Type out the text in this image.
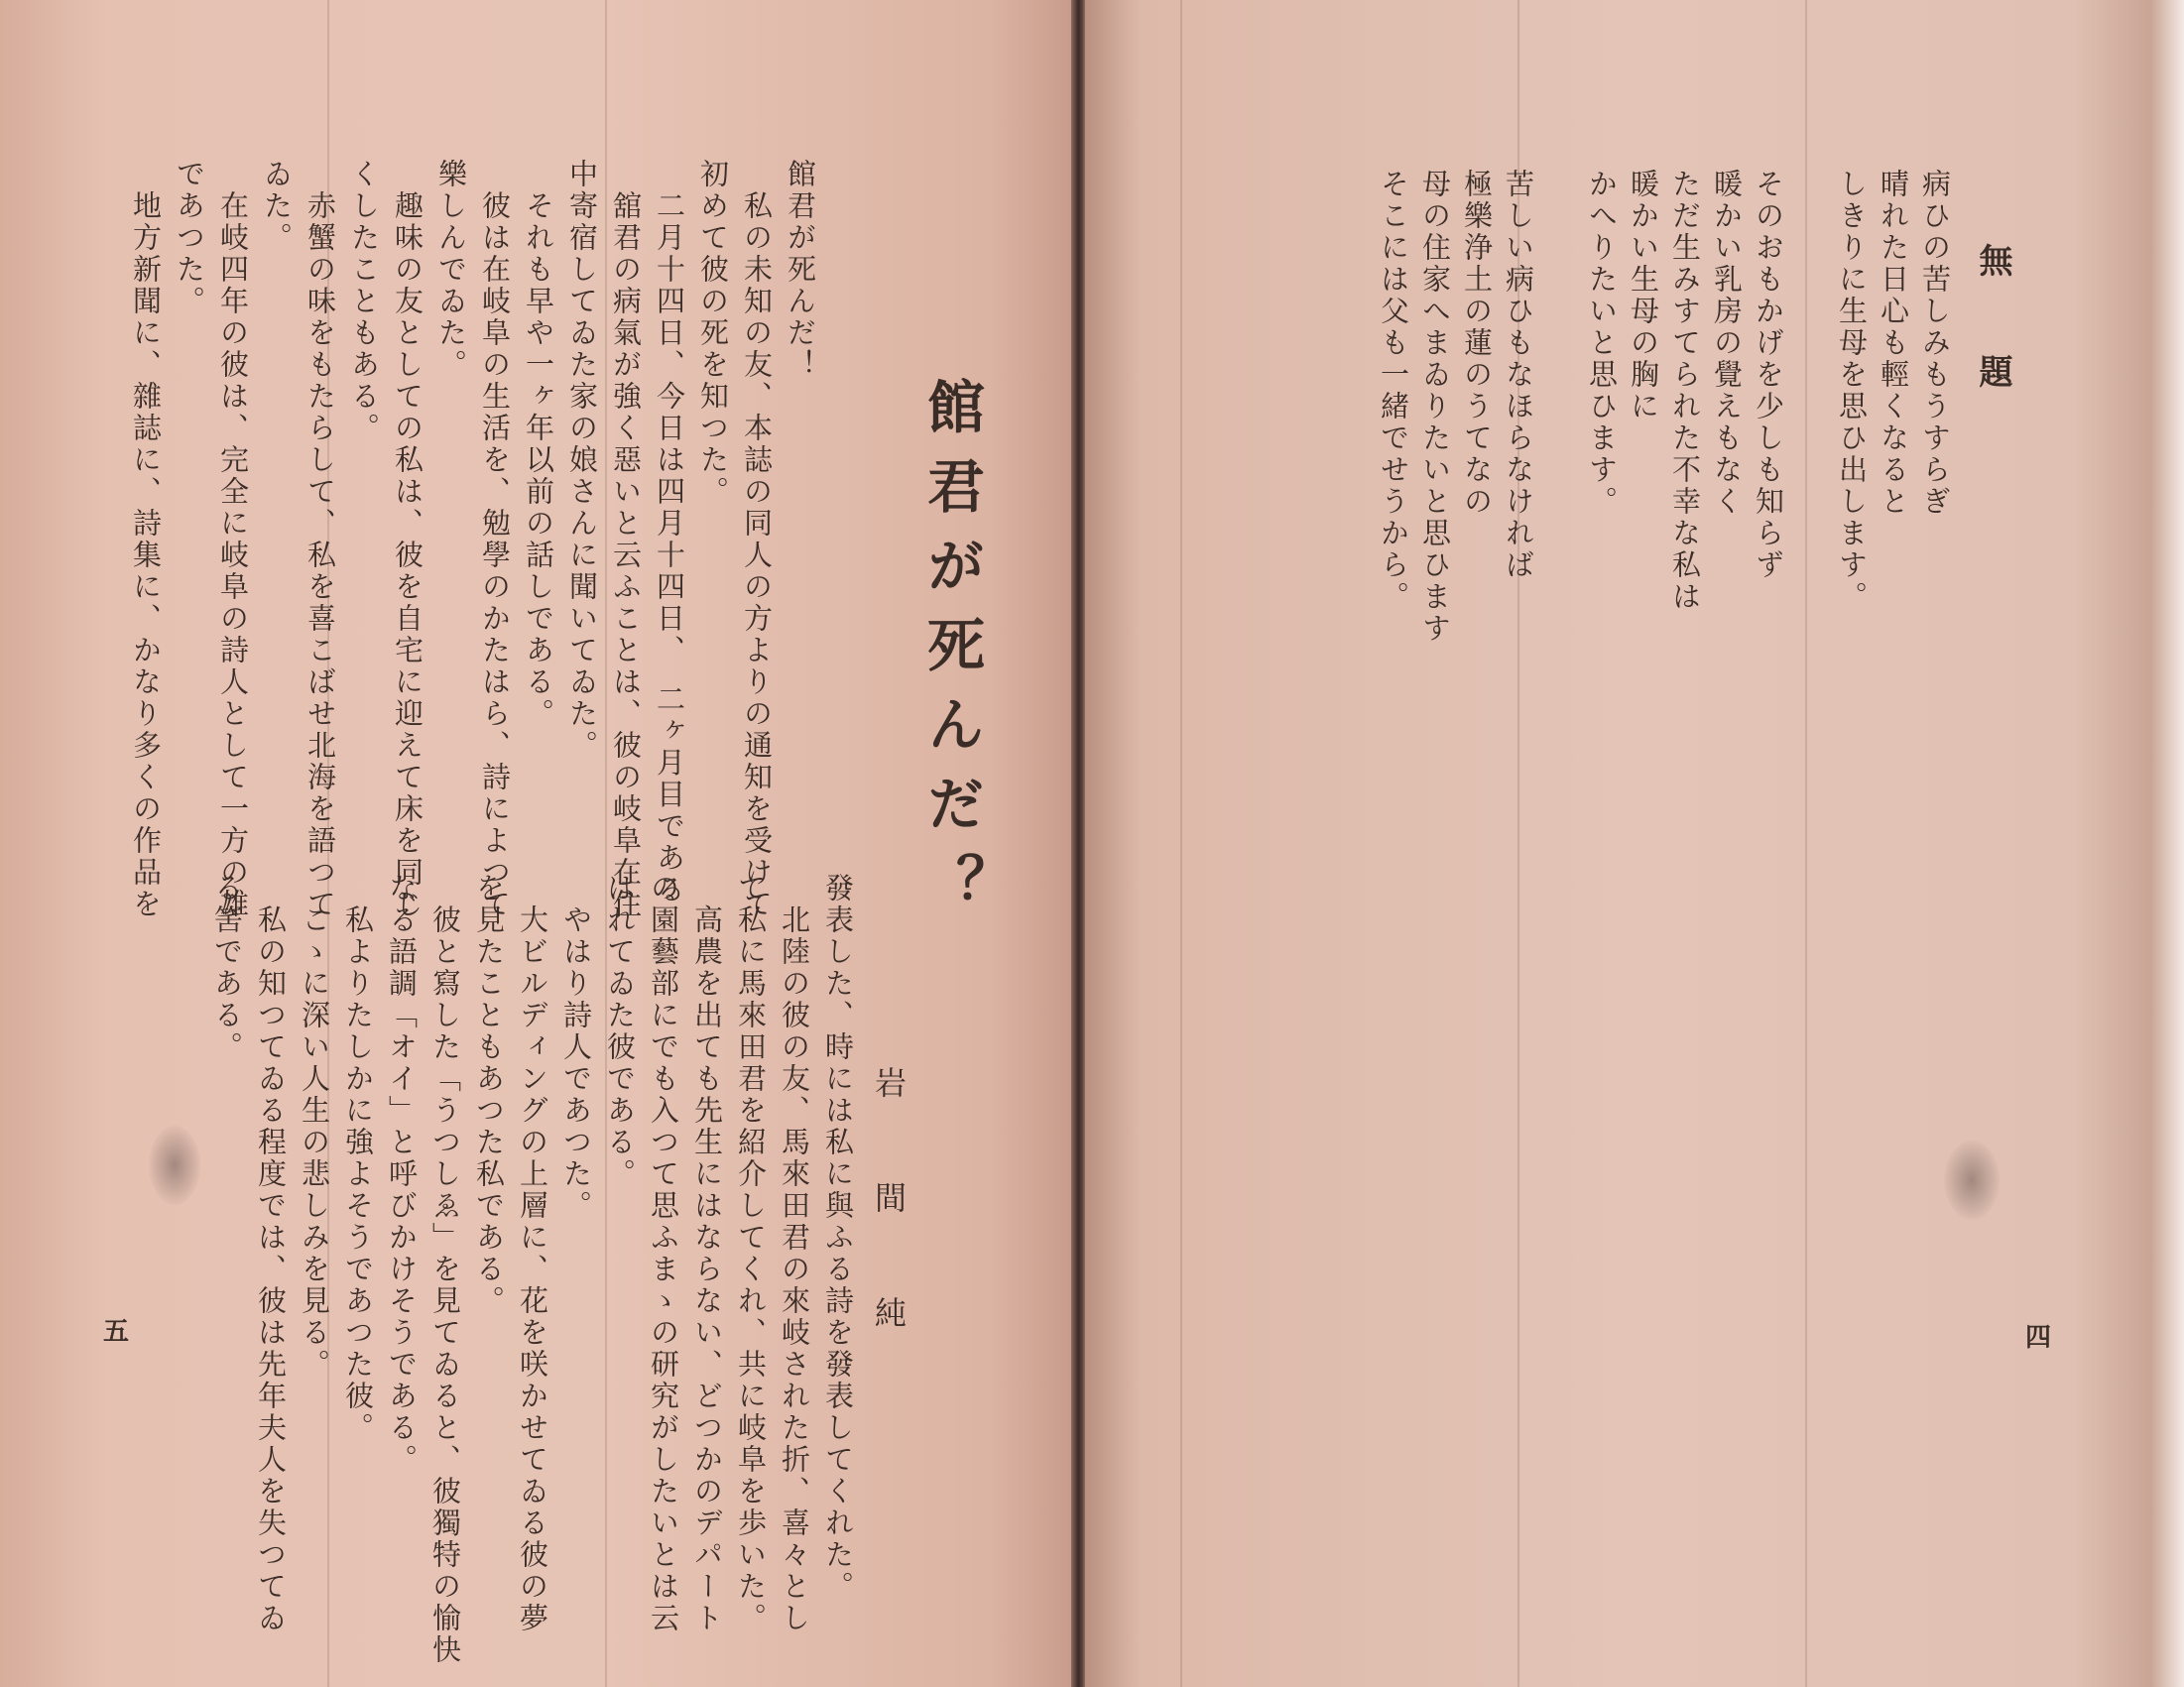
館君が死んだ？
岩　間　純
館君が死んだ！
　私の未知の友、本誌の同人の方よりの通知を受けて
初めて彼の死を知つた。
　二月十四日、今日は四月十四日、　二ヶ月目である
　舘君の病氣が強く惡いと云ふことは、彼の岐阜在住
中寄宿してゐた家の娘さんに聞いてゐた。
　それも早や一ヶ年以前の話しである。
　彼は在岐阜の生活を、勉學のかたはら、詩によつて
樂しんでゐた。
　趣味の友としての私は、彼を自宅に迎えて床を同じ
くしたこともある。
　赤蟹の味をもたらして、私を喜こばせ北海を語つて
ゐた。
　在岐四年の彼は、完全に岐阜の詩人として一方の雄
であつた。
　地方新聞に、雜誌に、詩集に、かなり多くの作品を
發表した、時には私に與ふる詩を發表してくれた。
　北陸の彼の友、馬來田君の來岐された折、喜々とし
て私に馬來田君を紹介してくれ、共に岐阜を歩いた。
　高農を出ても先生にはならない、どつかのデパート
の園藝部にでも入つて思ふまゝの研究がしたいとは云
はれてゐた彼である。
　やはり詩人であつた。
　大ビルディングの上層に、花を咲かせてゐる彼の夢
を見たこともあつた私である。
　彼と寫した「うつしゑ」を見てゐると、彼獨特の愉快
なる語調「オイ」と呼びかけそうである。
　私よりたしかに強よそうであつた彼。
　こゝに深い人生の悲しみを見る。
　私の知つてゐる程度では、彼は先年夫人を失つてゐ
る筈である。
五
無　題
病ひの苦しみもうすらぎ
晴れた日心も輕くなると
しきりに生母を思ひ出します。
そのおもかげを少しも知らず
暖かい乳房の覺えもなく
ただ生みすてられた不幸な私は
暖かい生母の胸に
かへりたいと思ひます。
苦しい病ひもなほらなければ
極樂浄土の蓮のうてなの
母の住家へまゐりたいと思ひます
そこには父も一緒でせうから。
四
